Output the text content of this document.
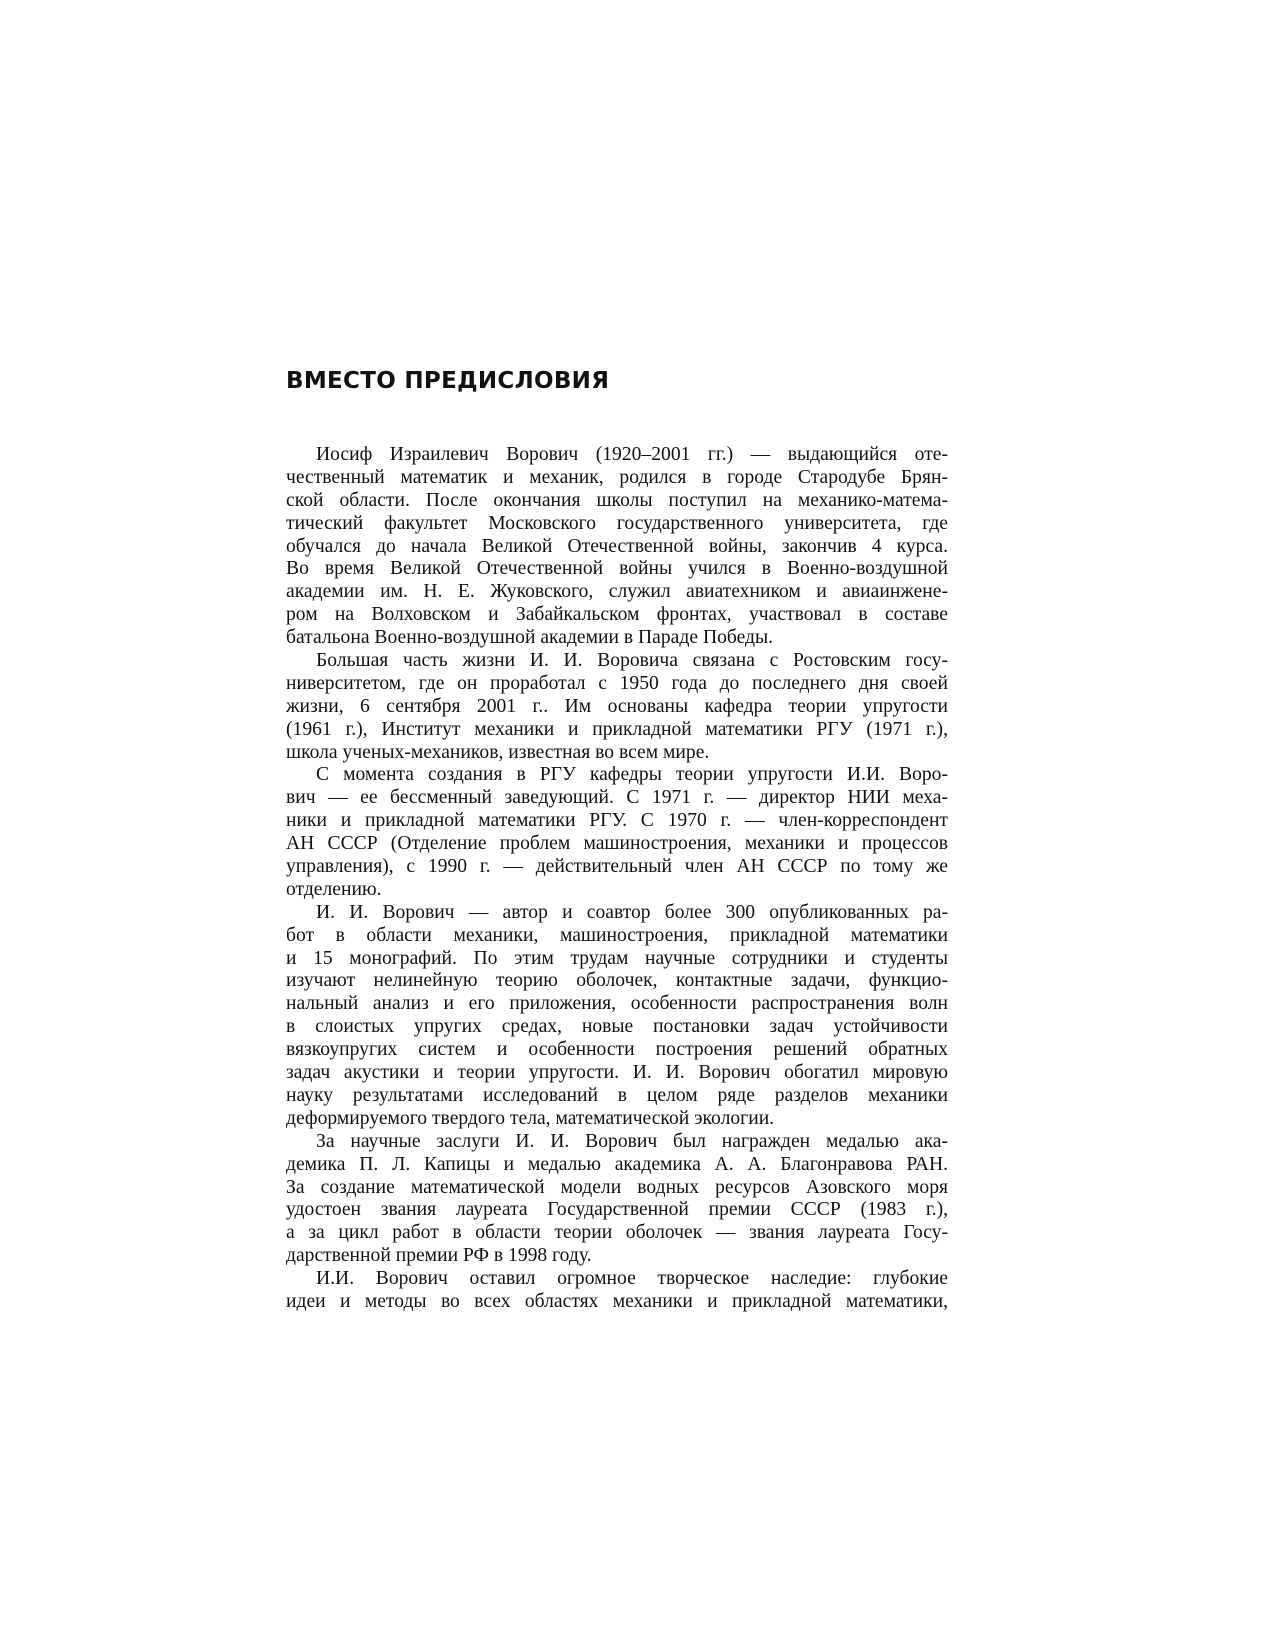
ВМЕСТО ПРЕДИСЛОВИЯ
Иосиф Израилевич Ворович (1920–2001 гг.) — выдающийся оте-
чественный математик и механик, родился в городе Стародубе Брян-
ской области. После окончания школы поступил на механико-матема-
тический факультет Московского государственного университета, где
обучался до начала Великой Отечественной войны, закончив 4 курса.
Во время Великой Отечественной войны учился в Военно-воздушной
академии им. Н. Е. Жуковского, служил авиатехником и авиаинжене-
ром на Волховском и Забайкальском фронтах, участвовал в составе
батальона Военно-воздушной академии в Параде Победы.
Большая часть жизни И. И. Воровича связана с Ростовским госу-
ниверситетом, где он проработал с 1950 года до последнего дня своей
жизни, 6 сентября 2001 г.. Им основаны кафедра теории упругости
(1961 г.), Институт механики и прикладной математики РГУ (1971 г.),
школа ученых-механиков, известная во всем мире.
С момента создания в РГУ кафедры теории упругости И.И. Воро-
вич — ее бессменный заведующий. С 1971 г. — директор НИИ меха-
ники и прикладной математики РГУ. С 1970 г. — член-корреспондент
АН СССР (Отделение проблем машиностроения, механики и процессов
управления), с 1990 г. — действительный член АН СССР по тому же
отделению.
И. И. Ворович — автор и соавтор более 300 опубликованных ра-
бот в области механики, машиностроения, прикладной математики
и 15 монографий. По этим трудам научные сотрудники и студенты
изучают нелинейную теорию оболочек, контактные задачи, функцио-
нальный анализ и его приложения, особенности распространения волн
в слоистых упругих средах, новые постановки задач устойчивости
вязкоупругих систем и особенности построения решений обратных
задач акустики и теории упругости. И. И. Ворович обогатил мировую
науку результатами исследований в целом ряде разделов механики
деформируемого твердого тела, математической экологии.
За научные заслуги И. И. Ворович был награжден медалью ака-
демика П. Л. Капицы и медалью академика А. А. Благонравова РАН.
За создание математической модели водных ресурсов Азовского моря
удостоен звания лауреата Государственной премии СССР (1983 г.),
а за цикл работ в области теории оболочек — звания лауреата Госу-
дарственной премии РФ в 1998 году.
И.И. Ворович оставил огромное творческое наследие: глубокие
идеи и методы во всех областях механики и прикладной математики,
